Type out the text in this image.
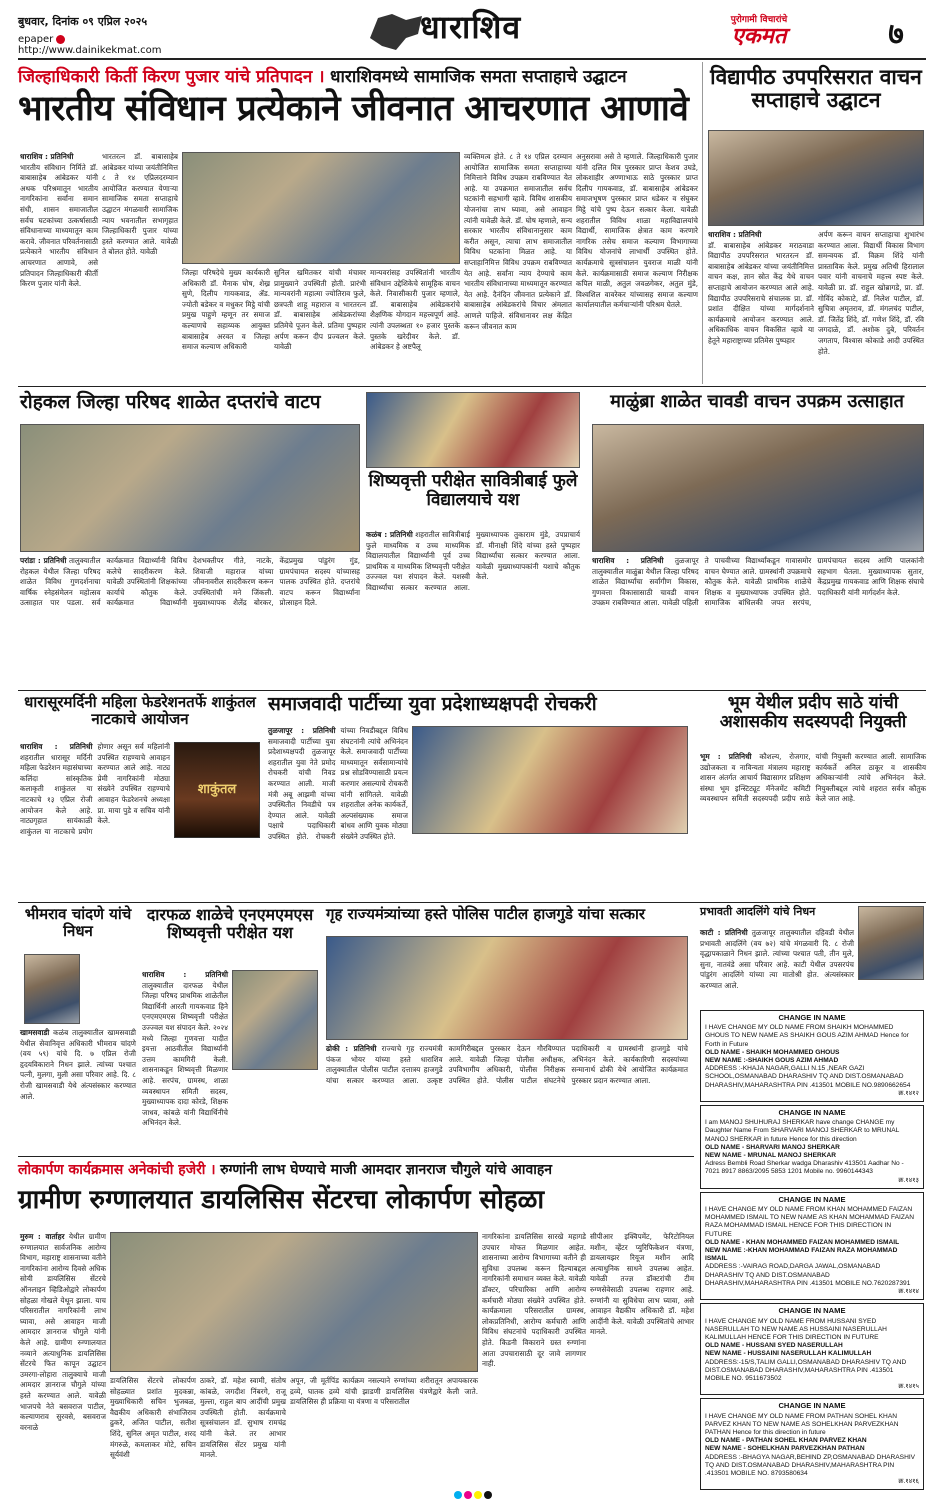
बुधवार, दिनांक ०९ एप्रिल २०२५
epaper  http://www.dainikekmat.com
धाराशिव	पुरोगामी विचारांचे
एकमत	७
जिल्हाधिकारी किर्ती किरण पुजार यांचे प्रतिपादन । धाराशिवमध्ये सामाजिक समता सप्ताहाचे उद्घाटन
भारतीय संविधान प्रत्येकाने जीवनात आचरणात आणावे
धाराशिव : प्रतिनिधी
भारतीय संविधान निर्मिते डॉ. बाबासाहेब आंबेडकर यांनी अथक परिश्रमातून भारतीय नागरिकांना सर्वांना समान संधी, शासन समाजातील सर्वच घटकांच्या उत्कर्षासाठी संविधानाच्या माध्यमातून काम करावे. जीवनात परिवर्तनासाठी प्रत्येकाने भारतीय संविधान आचरणात आणावे, असे प्रतिपादन जिल्हाधिकारी कीर्ती किरण पुजार यांनी केले.
भारतरत्न डॉ. बाबासाहेब आंबेडकर यांच्या जयंतीनिमित्त ८ ते १४ एप्रिलदरम्यान आयोजित करण्यात येणाऱ्या सामाजिक समता सप्ताहाचे उद्घाटन मंगळवारी सामाजिक न्याय भवनातील सभागृहात जिल्हाधिकारी पुजार यांच्या हस्ते करण्यात आले. यावेळी ते बोलत होते. यावेळी
जिल्हा परिषदेचे मुख्य कार्यकारी अधिकारी डॉ. मैनाक घोष, शेख्र सुणे, दिलीप गायकवाड, ॲड. ज्योती बडेकर व मधुकर मिट्ठे यांची प्रमुख पाहुणे म्हणून तर समाज कल्याणचे सहाय्यक आयुक्त बाबासाहेब अरवत व जिल्हा समाज कल्याण अधिकारी
सुनिल खमितकर यांची मंचावर प्रामुख्याने उपस्थिती होती. प्रारंभी मान्यवरांनी महात्मा ज्योतिराव फुले, छत्रपती शाहू महाराज व भारतरत्न डॉ. बाबासाहेब आंबेडकरांच्या प्रतिमेचे पूजन केले. प्रतिमा पुष्पहार अर्पण करून दीप प्रज्वलन केले. यावेळी
मान्यवरांसह उपस्थितांनी भारतीय संविधान उद्देशिकेचे सामूहिक वाचन केले. निवासीकारी पुजार म्हणाले, डॉ. बाबासाहेब आंबेडकरांचे शैक्षणिक योगदान महत्त्वपूर्ण आहे. त्यांनी उपलब्धता १० हजार पुस्तके पुस्तके खरेदीवर केले. डॉ. आंबेडकर हे अष्टपैलू
व्यक्तिमत्व होते. ८ ते १४ एप्रिल दरम्यान आयोजित सामाजिक समता सप्ताहाच्या निमित्ताने विविध उपक्रम राबविण्यात येत आहे. या उपक्रमात समाजातील सर्वच घटकांनी सहभागी व्हावे. विविध शासकीय योजनांचा लाभ घ्यावा, असे आवाहन त्यांनी यावेळी केले. डॉ. घोष म्हणाले, सन्य सरकार भारतीय संविधानानुसार काम करीत असून, त्याचा लाभ समाजातील विविध घटकांना मिळत आहे. या सप्ताहानिमित्त विविध उपक्रम राबविण्यात येत आहे. सर्वांना न्याय देण्याचे काम भारतीय संविधानाच्या माध्यमातून करण्यात येत आहे. दैनंदिन जीवनात प्रत्येकाने डॉ. बाबासाहेब आंबेडकरांचे विचार अंमलात आणले पाहिजे. संविधानावर लक्ष केंद्रित करून जीवनात काम
अनुसरावा असे ते म्हणाले. जिल्हाधिकारी पुजार यांनी दलित मित्र पुरस्कार प्राप्त केशव उघडे, लोकशाहीर अण्णाभाऊ साठे पुरस्कार प्राप्त दिलीप गायकवाड, डॉ. बाबासाहेब आंबेडकर समाजभूषण पुरस्कार प्राप्त धडेकर व संघुकर मिट्ठे यांचे पुष्प देऊन सत्कार केला. यावेळी शहरातील विविध शाळा महाविद्यालयांचे विद्यार्थी, सामाजिक क्षेत्रात काम करणारे नागरिक तसेच समाज कल्याण विभागाच्या विविध योजनांचे लाभार्थी उपस्थित होते. कार्यक्रमाचे सूत्रसंचालन युवराज माळी यांनी केले. कार्यक्रमासाठी समाज कल्याण निरीक्षक कपिल माळी, अतुल जवळगेकर, अतुल मुंडे, विश्वशिल वावरेकर यांच्यासह समाज कल्याण कार्यालयातील कर्मचाऱ्यांनी परिश्रम घेतले.
विद्यापीठ उपपरिसरात वाचन सप्ताहाचे उद्घाटन
धाराशिव : प्रतिनिधी
डॉ. बाबासाहेब आंबेडकर मराठवाडा विद्यापीठ उपपरिसरात भारतरत्न डॉ. बाबासाहेब आंबेडकर यांच्या जयंतीनिमित्त वाचन कक्ष, ज्ञान स्रोत केंद्र येथे वाचन सप्ताहाचे आयोजन करण्यात आले आहे. विद्यापीठ उपपरिसराचे संचालक प्रा. डॉ. प्रशांत दीक्षित यांच्या मार्गदर्शनाने कार्यक्रमाचे आयोजन करण्यात आले. अधिकाधिक वाचन विकसित व्हावे या हेतूने महाराष्ट्राच्या प्रतिमेस पुष्पहार
अर्पण करून वाचन सप्ताहाचा शुभारंभ करण्यात आला. विद्यार्थी विकास विभाग समन्वयक डॉ. विक्रम शिंदे यांनी प्रास्ताविक केले. प्रमुख अतिथी हिरालाल पवार यांनी वाचनाचे महत्त्व स्पष्ट केले. यावेळी प्रा. डॉ. राहुल खोब्रागडे, प्रा. डॉ. गोविंद कोकाटे, डॉ. निलेश पाटील, डॉ. सुचित्रा अमृतराव, डॉ. मंगलचंद पाटील, डॉ. जितेंद्र शिंदे, डॉ. गणेश शिंदे, डॉ. रवि जगदाळे, डॉ. अशोक दुबे, परिवर्तन जगताप, विश्वास कोकाडे आदी उपस्थित होते.
रोहकल जिल्हा परिषद शाळेत दप्तरांचे वाटप
परांडा : प्रतिनिधी तालुक्यातील रोहकल येथील जिल्हा परिषद शाळेत विविध गुणदर्शनाचा वार्षिक स्नेहसंमेलन महोत्सव उत्साहात पार पडला. सर्व कार्यक्रमात विद्यार्थ्यांनी विविध कलेचे सादरीकरण केले. यावेळी उपस्थितांनी शिक्षकांच्या कार्याचे कौतुक केले. कार्यक्रमात विद्यार्थ्यांनी देशभक्तीपर गीते, नाटके, शिवाजी महाराज यांच्या जीवनावरील सादरीकरण करून उपस्थितांची मने जिंकली. मुख्याध्यापक शैलेंद्र बोरकर, केंद्रप्रमुख पांडुरंग गुंड, ग्रामपंचायत सदस्य यांच्यासह पालक उपस्थित होते. दप्तरांचे वाटप करून विद्यार्थ्यांना प्रोत्साहन दिले.
शिष्यवृत्ती परीक्षेत सावित्रीबाई फुले विद्यालयाचे यश
कळंब : प्रतिनिधी शहरातील सावित्रीबाई फुले माध्यमिक व उच्च माध्यमिक विद्यालयातील विद्यार्थ्यांनी पूर्व उच्च प्राथमिक व माध्यमिक शिष्यवृत्ती परीक्षेत उज्ज्वल यश संपादन केले. यशस्वी विद्यार्थ्यांचा सत्कार करण्यात आला. मुख्याध्यापक तुकाराम मुंडे, उपप्राचार्य डॉ. मीनाक्षी शिंदे यांच्या हस्ते पुष्पहार विद्यार्थ्यांचा सत्कार करण्यात आला. यावेळी मुख्याध्यापकांनी यशाचे कौतुक केले.
माळुंब्रा शाळेत चावडी वाचन उपक्रम उत्साहात
धाराशिव : प्रतिनिधी तुळजापूर तालुक्यातील माळुंब्रा येथील जिल्हा परिषद शाळेत विद्यार्थ्यांचा सर्वांगीण विकास, गुणवत्ता विकासासाठी चावडी वाचन उपक्रम राबविण्यात आला. यावेळी पहिली ते पाचवीच्या विद्यार्थ्यांकडून गावासमोर वाचन घेण्यात आले. ग्रामस्थांनी उपक्रमाचे कौतुक केले. यावेळी प्राथमिक शाळेचे शिक्षक व मुख्याध्यापक उपस्थित होते. सामाजिक बांधिलकी जपत सरपंच, ग्रामपंचायत सदस्य आणि पालकांनी सहभाग घेतला. मुख्याध्यापक सुतार, केंद्रप्रमुख गायकवाड आणि शिक्षक संघाचे पदाधिकारी यांनी मार्गदर्शन केले.
धारासूरमर्दिनी महिला फेडरेशनतर्फे शाकुंतल नाटकाचे आयोजन
धाराशिव : प्रतिनिधी शहरातील धारासूर मर्दिनी महिला फेडरेशन महासंघाच्या कलिंदा सांस्कृतिक कलाकृती शाकुंतल या नाटकाचे १३ एप्रिल रोजी आयोजन केले आहे. नाट्यगृहात सायंकाळी शाकुंतल या नाटकाचे प्रयोग होणार असून सर्व महिलांनी उपस्थित राहण्याचे आवाहन करण्यात आले आहे. नाट्य प्रेमी नागरिकांनी मोठ्या संख्येने उपस्थित राहण्याचे आवाहन फेडरेशनचे अध्यक्षा प्रा. माया पुडे व सचिव यांनी केले.
शाकुंतल
समाजवादी पार्टीच्या युवा प्रदेशाध्यक्षपदी रोचकरी
तुळजापूर : प्रतिनिधी समाजवादी पार्टीच्या युवा प्रदेशाध्यक्षपदी तुळजापूर शहरातील युवा नेते प्रमोद रोचकरी यांची निवड करण्यात आली. माजी मंत्री अबू आझमी यांच्या उपस्थितीत निवडीचे पत्र देण्यात आले. यावेळी पक्षाचे पदाधिकारी उपस्थित होते. रोचकरी यांच्या निवडीबद्दल विविध संघटनांनी त्यांचे अभिनंदन केले. समाजवादी पार्टीच्या माध्यमातून सर्वसामान्यांचे प्रश्न सोडविण्यासाठी प्रयत्न करणार असल्याचे रोचकरी यांनी सांगितले. यावेळी शहरातील अनेक कार्यकर्ते, अल्पसंख्याक समाज बांधव आणि युवक मोठ्या संख्येने उपस्थित होते.
भूम येथील प्रदीप साठे यांची अशासकीय सदस्यपदी नियुक्ती
भूम : प्रतिनिधी कौशल्य, रोजगार, उद्योजकता व नाविन्यता मंत्रालय महाराष्ट्र शासन अंतर्गत आचार्य विद्यासागर प्रशिक्षण संस्था भूम इन्स्टिट्यूट मॅनेजमेंट कमिटी व्यवस्थापन समिती सदस्यपदी प्रदीप साठे यांची नियुक्ती करण्यात आली. सामाजिक कार्यकर्ते अनिल ठाकूर व शासकीय अधिकाऱ्यांनी त्यांचे अभिनंदन केले. नियुक्तीबद्दल त्यांचे शहरात सर्वत्र कौतुक केले जात आहे.
भीमराव चांदणे यांचे निधन
खामसवाडी कळंब तालुक्यातील खामसवाडी येथील सेवानिवृत्त अधिकारी भीमराव चांदणे (वय ५९) यांचे दि. ७ एप्रिल रोजी हृदयविकाराने निधन झाले. त्यांच्या पश्चात पत्नी, मुलगा, मुली असा परिवार आहे. दि. ८ रोजी खामसवाडी येथे अंत्यसंस्कार करण्यात आले.
दारफळ शाळेचे एनएमएमएस शिष्यवृत्ती परीक्षेत यश
धाराशिव : प्रतिनिधी तालुक्यातील दारफळ येथील जिल्हा परिषद प्राथमिक शाळेतील विद्यार्थिनी आरती गायकवाड हिने एनएमएमएस शिष्यवृत्ती परीक्षेत उज्ज्वल यश संपादन केले. २०२४ मध्ये जिल्हा गुणवत्ता यादीत इयत्ता आठवीतील विद्यार्थ्यांनी उत्तम कामगिरी केली. शासनाकडून शिष्यवृत्ती मिळणार आहे. सरपंच, ग्रामस्थ, शाळा व्यवस्थापन समिती सदस्य, मुख्याध्यापक दादा कोरडे, शिक्षक जाधव, कांबळे यांनी विद्यार्थिनीचे अभिनंदन केले.
गृह राज्यमंत्र्यांच्या हस्ते पोलिस पाटील हाजगुडे यांचा सत्कार
ढोकी : प्रतिनिधी राज्याचे गृह राज्यमंत्री पंकज भोयर यांच्या हस्ते धाराशिव तालुक्यातील पोलीस पाटील दत्तात्रय हाजगुडे यांचा सत्कार करण्यात आला. उत्कृष्ट कामगिरीबद्दल पुरस्कार देऊन गौरविण्यात आले. यावेळी जिल्हा पोलीस अधीक्षक, उपविभागीय अधिकारी, पोलीस निरीक्षक उपस्थित होते. पोलीस पाटील संघटनेचे पदाधिकारी व ग्रामस्थांनी हाजगुडे यांचे अभिनंदन केले. कार्यकारिणी सदस्यांच्या सन्मानार्थ ढोकी येथे आयोजित कार्यक्रमात पुरस्कार प्रदान करण्यात आला.
प्रभावती आदलिंगे यांचे निधन
काटी : प्रतिनिधी तुळजापूर तालुक्यातील दहिवडी येथील प्रभावती आदलिंगे (वय ७२) यांचे मंगळवारी दि. ८ रोजी वृद्धापकाळाने निधन झाले. त्यांच्या पश्चात पती, तीन मुले, सुना, नातवंडे असा परिवार आहे. काटी येथील उपसरपंच पांडुरंग आदलिंगे यांच्या त्या मातोश्री होत. अंत्यसंस्कार करण्यात आले.
CHANGE IN NAME
I HAVE CHANGE MY OLD NAME FROM SHAIKH MOHAMMED GHOUS TO NEW NAME AS SHAIKH GOUS AZIM AHMAD Hence for Forth in Future
OLD NAME - SHAIKH MOHAMMED GHOUS
NEW NAME :-SHAIKH GOUS AZIM AHMAD
ADDRESS :-KHAJA NAGAR,GALLI N.15 ,NEAR GAZI SCHOOL,OSMANABAD DHARASHIV TQ AND DIST.OSMANABAD DHARASHIV,MAHARASHTRA PIN .413501 MOBILE NO.9890662654
क्र.१४१२
CHANGE IN NAME
I am MANOJ SHUHURAJ SHERKAR have change CHANGE my Daughter Name From SHARVARI MANOJ SHERKAR to MRUNAL MANOJ SHERKAR in future Hence for this direction
OLD NAME - SHARVARI MANOJ SHERKAR
NEW NAME - MRUNAL MANOJ SHERKAR
Adress Bembli Road Sherkar wadga Dharashiv 413501 Aadhar No - 7021 8917 8863/2095 5853 1201 Mobile no. 9960144343
क्र.१४१३
CHANGE IN NAME
I HAVE CHANGE MY OLD NAME FROM KHAN MOHAMMED FAIZAN MOHAMMED ISMAIL TO NEW NAME AS KHAN MOHAMMAD FAIZAN RAZA MOHAMMAD ISMAIL HENCE FOR THIS DIRECTION IN FUTURE
OLD NAME - KHAN MOHAMMED FAIZAN MOHAMMED ISMAIL
NEW NAME :-KHAN MOHAMMAD FAIZAN RAZA MOHAMMAD ISMAIL
ADDRESS :-VAIRAG ROAD,DARGA JAWAL,OSMANABAD DHARASHIV TQ AND DIST.OSMANABAD DHARASHIV,MAHARASHTRA PIN .413501 MOBILE NO.7620287391
क्र.१४१४
CHANGE IN NAME
I HAVE CHANGE MY OLD NAME FROM HUSSANI SYED NASERULLAH TO NEW NAME AS HUSSAINI NASERULLAH KALIMULLAH HENCE FOR THIS DIRECTION IN FUTURE
OLD NAME - HUSSANI SYED NASERULLAH
NEW NAME - HUSSAINI NASERULLAH KALIMULLAH
ADDRESS:-15/S,TALIM GALLI,OSMANABAD DHARASHIV TQ AND DIST.OSMANABAD DHARASHIV,MAHARASHTRA PIN .413501 MOBILE NO. 9511673502
क्र.१४१५
CHANGE IN NAME
I HAVE CHANGE MY OLD NAME FROM PATHAN SOHEL KHAN PARVEZ KHAN TO NEW NAME AS SOHELKHAN PARVEZKHAN PATHAN Hence for this direction in future
OLD NAME - PATHAN SOHEL KHAN PARVEZ KHAN
NEW NAME - SOHELKHAN PARVEZKHAN PATHAN
ADDRESS :-BHAGYA NAGAR,BEHIND ZP,OSMANABAD DHARASHIV TQ AND DIST.OSMANABAD DHARASHIV,MAHARASHTRA PIN .413501 MOBILE NO. 8793580634
क्र.१४१६
लोकार्पण कार्यक्रमास अनेकांची हजेरी । रुग्णांनी लाभ घेण्याचे माजी आमदार ज्ञानराज चौगुले यांचे आवाहन
ग्रामीण रुग्णालयात डायलिसिस सेंटरचा लोकार्पण सोहळा
मुरुम : वार्ताहर येथील ग्रामीण रुग्णालयात सार्वजनिक आरोग्य विभाग, महाराष्ट्र शासनाच्या वतीने नागरिकांना आरोग्य दिवसे अधिक सोयी डायलिसिस सेंटरचे ऑनलाइन व्हिडिओद्वारे लोकार्पण सोहळा गोखले येथून झाला. याच परिसरातील नागरिकांनी लाभ घ्यावा, असे आवाहन माजी आमदार ज्ञानराज चौगुले यांनी केले आहे. ग्रामीण रुग्णालयात नव्याने अत्याधुनिक डायलिसिस सेंटरचे फित कापून उद्घाटन उमरगा-लोहारा तालुक्याचे माजी आमदार ज्ञानराज चौगुले यांच्या हस्ते करण्यात आले. यावेळी भाजपचे नेते बसवराज पाटील, कल्याणराव सुरवसे, बसवराज वरनाळे
डायलिसिस सेंटरचे लोकार्पण सोहळ्यात प्रशांत मुदकन्ना, मुख्याधिकारी सचिन भुजबळ, वैद्यकीय अधिकारी संभाजिराव ढुकरे, अजित पाटील, सतीश शिंदे, सुनिल अमृत पाटील, शरद मंगरुळे, कमलाकर मोटे, सचिन सूर्यवंशी
ठाकरे, डॉ. महेश स्वामी, संतोष कांबळे, जगदीश निंबरगे, राजू मुल्ला, राहुल बाप आदींची प्रमुख उपस्थिती होती. कार्यक्रमाचे सूत्रसंचालन डॉ. सुभाष रामचंद्र यांनी केले. तर आभार डायलिसिस सेंटर प्रमुख यांनी मानले.
अपून, जी मूर्तपिंड कार्यक्रम नसल्याने रुग्णांच्या शरीरातून अपायकारक द्रव्ये, घातक द्रव्ये यांची झाडणी डायलिसिस यंत्रणेद्वारे केली जाते. डायलिसिस ही प्रक्रिया या यंत्रणा व परिसरातील
नागरिकांना डायलिसिस सारखे महागडे उपचार मोफत मिळणार आहेत. शासनाच्या आरोग्य विभागाच्या वतीने ही सुविधा उपलब्ध करून दिल्याबद्दल नागरिकांनी समाधान व्यक्त केले. यावेळी डॉक्टर, परिचारिका आणि आरोग्य कर्मचारी मोठ्या संख्येने उपस्थित होते. कार्यक्रमाला परिसरातील ग्रामस्थ, लोकप्रतिनिधी, आरोग्य कर्मचारी आणि विविध संघटनांचे पदाधिकारी उपस्थित होते. किडनी विकाराने ग्रस्त रुग्णांना आता उपचारासाठी दूर जावे लागणार नाही.
सीपीआर इक्विपमेंट, फेरिटोनियल मशीन, व्हेंटर प्युरिफिकेशन यंत्रणा, डायलायझर रियूज मशीन आदि अत्याधुनिक साधने उपलब्ध आहेत. यावेळी तज्ज्ञ डॉक्टरांची टीम रुग्णसेवेसाठी उपलब्ध राहणार आहे. रुग्णांनी या सुविधेचा लाभ घ्यावा, असे आवाहन वैद्यकीय अधिकारी डॉ. महेश आदींनी केले. यावेळी उपस्थितांचे आभार मानले.
